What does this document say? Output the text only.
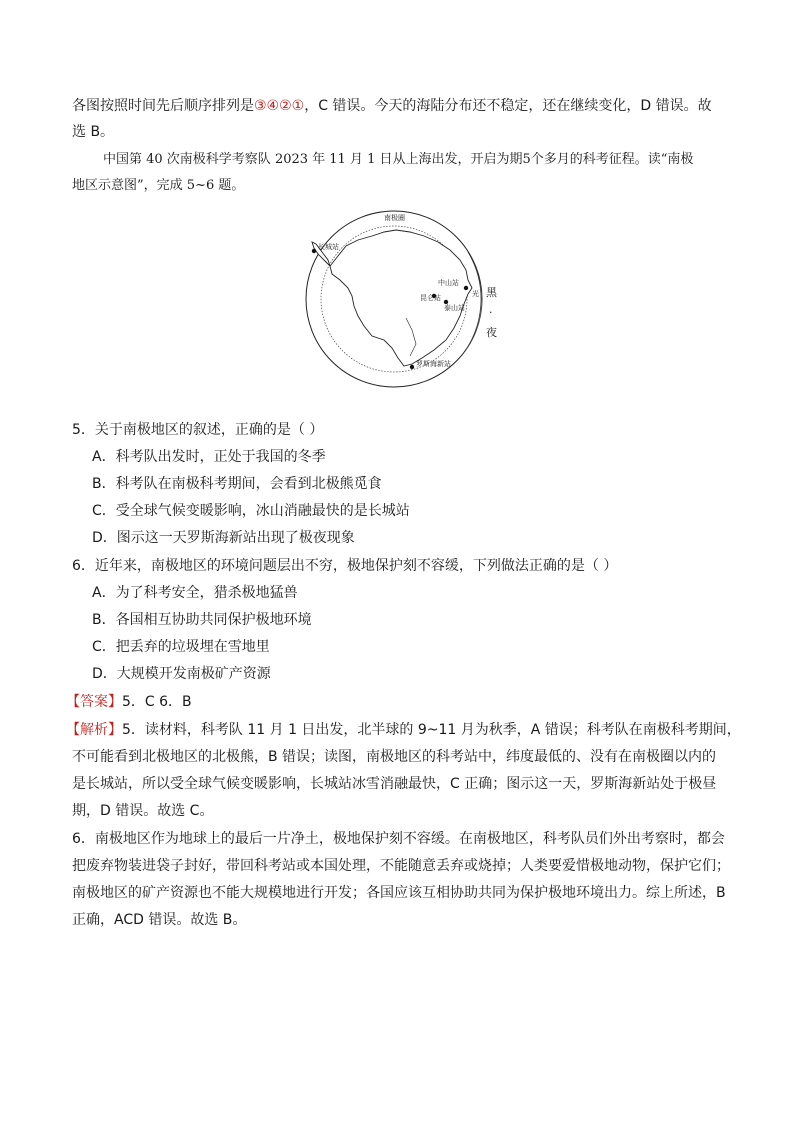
各图按照时间先后顺序排列是③④②①，C 错误。今天的海陆分布还不稳定，还在继续变化，D 错误。故
选 B。
中国第 40 次南极科学考察队 2023 年 11 月 1 日从上海出发，开启为期5个多月的科考征程。读“南极
地区示意图”，完成 5~6 题。
南极圈
长城站
中山站
光
昆仑站
泰山站
罗斯海新站
黑
·
夜
5．关于南极地区的叙述，正确的是（ ）
A．科考队出发时，正处于我国的冬季
B．科考队在南极科考期间，会看到北极熊觅食
C．受全球气候变暖影响，冰山消融最快的是长城站
D．图示这一天罗斯海新站出现了极夜现象
6．近年来，南极地区的环境问题层出不穷，极地保护刻不容缓，下列做法正确的是（ ）
A．为了科考安全，猎杀极地猛兽
B．各国相互协助共同保护极地环境
C．把丢弃的垃圾埋在雪地里
D．大规模开发南极矿产资源
【答案】5．C 6．B
【解析】5．读材料，科考队 11 月 1 日出发，北半球的 9~11 月为秋季，A 错误；科考队在南极科考期间，
不可能看到北极地区的北极熊，B 错误；读图，南极地区的科考站中，纬度最低的、没有在南极圈以内的
是长城站，所以受全球气候变暖影响，长城站冰雪消融最快，C 正确；图示这一天，罗斯海新站处于极昼
期，D 错误。故选 C。
6．南极地区作为地球上的最后一片净土，极地保护刻不容缓。在南极地区，科考队员们外出考察时，都会
把废弃物装进袋子封好，带回科考站或本国处理，不能随意丢弃或烧掉；人类要爱惜极地动物，保护它们；
南极地区的矿产资源也不能大规模地进行开发；各国应该互相协助共同为保护极地环境出力。综上所述，B
正确，ACD 错误。故选 B。
